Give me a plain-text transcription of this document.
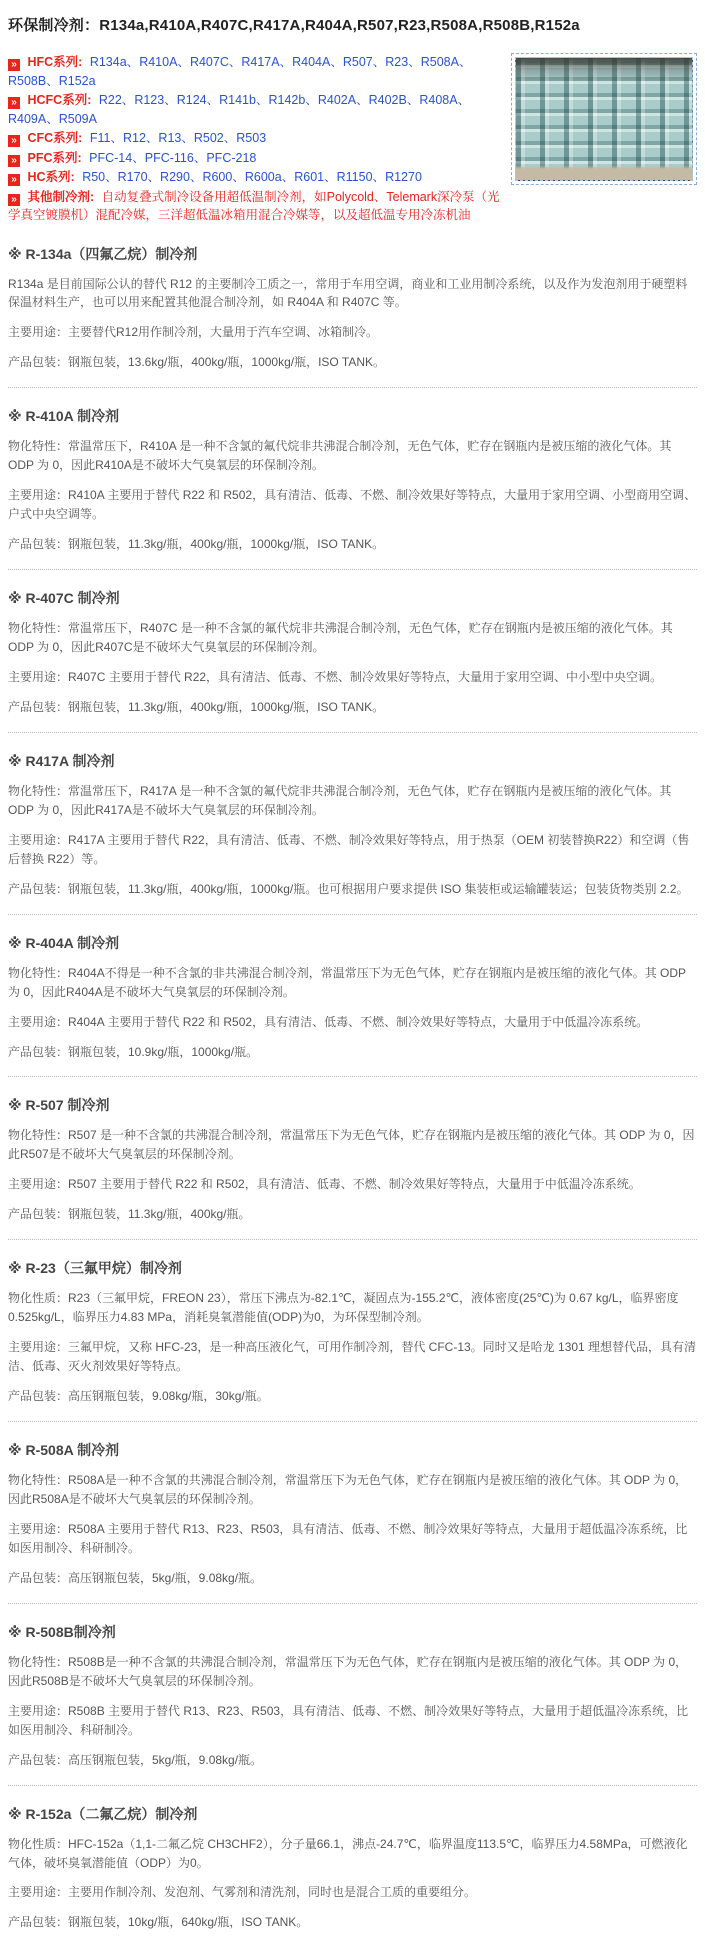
环保制冷剂：R134a,R410A,R407C,R417A,R404A,R507,R23,R508A,R508B,R152a
» HFC系列: R134a、R410A、R407C、R417A、R404A、R507、R23、R508A、R508B、R152a
» HCFC系列: R22、R123、R124、R141b、R142b、R402A、R402B、R408A、R409A、R509A
» CFC系列: F11、R12、R13、R502、R503
» PFC系列: PFC-14、PFC-116、PFC-218
» HC系列: R50、R170、R290、R600、R600a、R601、R1150、R1270
» 其他制冷剂: 自动复叠式制冷设备用超低温制冷剂，如Polycold、Telemark深冷泵（光学真空镀膜机）混配冷媒，三洋超低温冰箱用混合冷媒等，以及超低温专用冷冻机油
※ R-134a（四氟乙烷）制冷剂

R134a 是目前国际公认的替代 R12 的主要制冷工质之一，常用于车用空调，商业和工业用制冷系统，以及作为发泡剂用于硬塑料保温材料生产，也可以用来配置其他混合制冷剂，如 R404A 和 R407C 等。

主要用途：主要替代R12用作制冷剂，大量用于汽车空调、冰箱制冷。

产品包装：钢瓶包装，13.6kg/瓶，400kg/瓶，1000kg/瓶，ISO TANK。

※ R-410A 制冷剂

物化特性：常温常压下，R410A 是一种不含氯的氟代烷非共沸混合制冷剂，无色气体，贮存在钢瓶内是被压缩的液化气体。其 ODP 为 0，因此R410A是不破坏大气臭氧层的环保制冷剂。

主要用途：R410A 主要用于替代 R22 和 R502，具有清洁、低毒、不燃、制冷效果好等特点，大量用于家用空调、小型商用空调、户式中央空调等。

产品包装：钢瓶包装，11.3kg/瓶，400kg/瓶，1000kg/瓶，ISO TANK。

※ R-407C 制冷剂

物化特性：常温常压下，R407C 是一种不含氯的氟代烷非共沸混合制冷剂，无色气体，贮存在钢瓶内是被压缩的液化气体。其 ODP 为 0，因此R407C是不破坏大气臭氧层的环保制冷剂。

主要用途：R407C 主要用于替代 R22，具有清洁、低毒、不燃、制冷效果好等特点，大量用于家用空调、中小型中央空调。

产品包装：钢瓶包装，11.3kg/瓶，400kg/瓶，1000kg/瓶，ISO TANK。

※ R417A 制冷剂

物化特性：常温常压下，R417A 是一种不含氯的氟代烷非共沸混合制冷剂，无色气体，贮存在钢瓶内是被压缩的液化气体。其 ODP 为 0，因此R417A是不破坏大气臭氧层的环保制冷剂。

主要用途：R417A 主要用于替代 R22，具有清洁、低毒、不燃、制冷效果好等特点，用于热泵（OEM 初装替换R22）和空调（售后替换 R22）等。

产品包装：钢瓶包装，11.3kg/瓶，400kg/瓶，1000kg/瓶。也可根据用户要求提供 ISO 集装柜或运输罐装运；包装货物类别 2.2。

※ R-404A 制冷剂

物化特性：R404A不得是一种不含氯的非共沸混合制冷剂，常温常压下为无色气体，贮存在钢瓶内是被压缩的液化气体。其 ODP 为 0，因此R404A是不破坏大气臭氧层的环保制冷剂。

主要用途：R404A 主要用于替代 R22 和 R502，具有清洁、低毒、不燃、制冷效果好等特点，大量用于中低温冷冻系统。

产品包装：钢瓶包装，10.9kg/瓶，1000kg/瓶。

※ R-507 制冷剂

物化特性：R507 是一种不含氯的共沸混合制冷剂，常温常压下为无色气体，贮存在钢瓶内是被压缩的液化气体。其 ODP 为 0，因此R507是不破坏大气臭氧层的环保制冷剂。

主要用途：R507 主要用于替代 R22 和 R502，具有清洁、低毒、不燃、制冷效果好等特点，大量用于中低温冷冻系统。

产品包装：钢瓶包装，11.3kg/瓶，400kg/瓶。

※ R-23（三氟甲烷）制冷剂

物化性质：R23（三氟甲烷，FREON 23），常压下沸点为-82.1℃，凝固点为-155.2℃，液体密度(25℃)为 0.67 kg/L，临界密度0.525kg/L，临界压力4.83 MPa，消耗臭氧潜能值(ODP)为0，为环保型制冷剂。

主要用途：三氟甲烷，又称 HFC-23，是一种高压液化气，可用作制冷剂，替代 CFC-13。同时又是哈龙 1301 理想替代品，具有清洁、低毒、灭火剂效果好等特点。

产品包装：高压钢瓶包装，9.08kg/瓶，30kg/瓶。

※ R-508A 制冷剂

物化特性：R508A是一种不含氯的共沸混合制冷剂，常温常压下为无色气体，贮存在钢瓶内是被压缩的液化气体。其 ODP 为 0，因此R508A是不破坏大气臭氧层的环保制冷剂。

主要用途：R508A 主要用于替代 R13、R23、R503，具有清洁、低毒、不燃、制冷效果好等特点，大量用于超低温冷冻系统，比如医用制冷、科研制冷。

产品包装：高压钢瓶包装，5kg/瓶，9.08kg/瓶。

※ R-508B制冷剂

物化特性：R508B是一种不含氯的共沸混合制冷剂，常温常压下为无色气体，贮存在钢瓶内是被压缩的液化气体。其 ODP 为 0，因此R508B是不破坏大气臭氧层的环保制冷剂。

主要用途：R508B 主要用于替代 R13、R23、R503，具有清洁、低毒、不燃、制冷效果好等特点，大量用于超低温冷冻系统，比如医用制冷、科研制冷。

产品包装：高压钢瓶包装，5kg/瓶，9.08kg/瓶。

※ R-152a（二氟乙烷）制冷剂

物化性质：HFC-152a（1,1-二氟乙烷 CH3CHF2），分子量66.1，沸点-24.7℃，临界温度113.5℃，临界压力4.58MPa，可燃液化气体，破坏臭氧潜能值（ODP）为0。

主要用途：主要用作制冷剂、发泡剂、气雾剂和清洗剂，同时也是混合工质的重要组分。

产品包装：钢瓶包装，10kg/瓶，640kg/瓶，ISO TANK。
